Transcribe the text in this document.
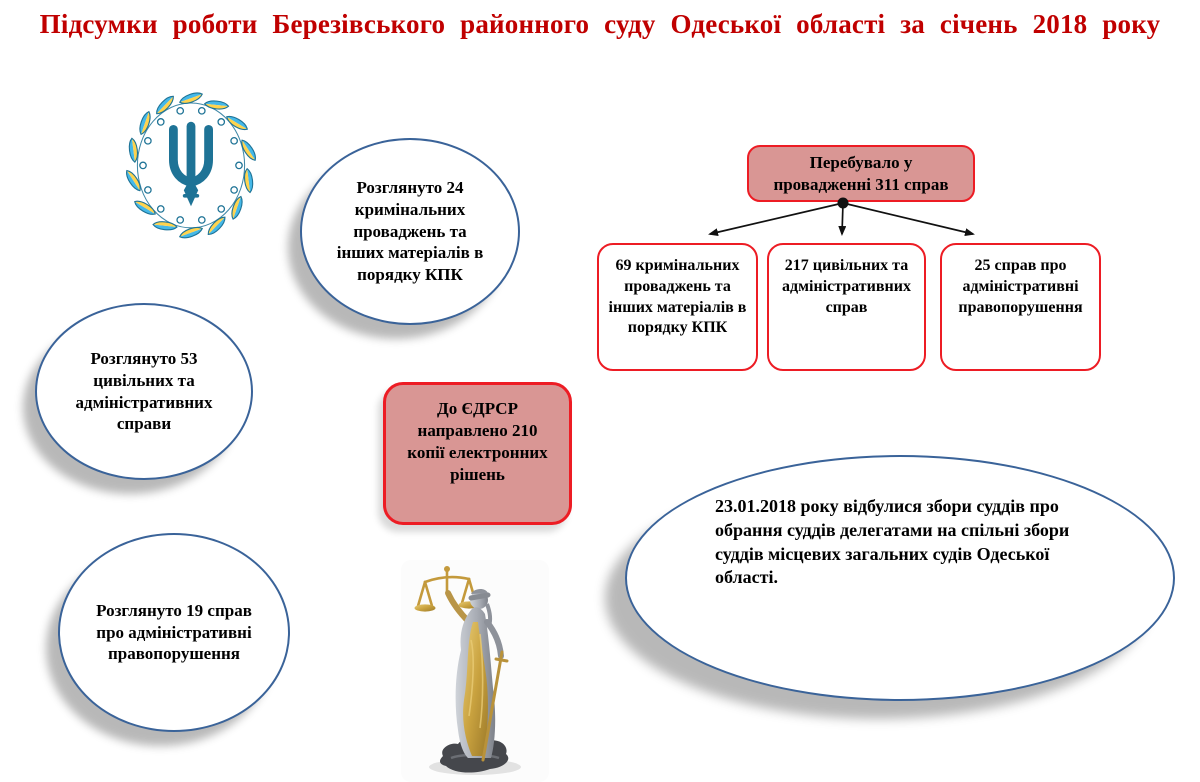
Підсумки роботи Березівського районного суду Одеської області за січень 2018 року
Розглянуто 24 кримінальних проваджень та інших матеріалів в порядку КПК
Розглянуто 53 цивільних та адміністративних справи
Розглянуто 19 справ про адміністративні правопорушення
До ЄДРСР направлено 210 копії електронних рішень
Перебувало у провадженні 311 справ
69 кримінальних проваджень та інших матеріалів в порядку КПК
217 цивільних та адміністративних справ
25 справ про адміністративні правопорушення
23.01.2018 року відбулися збори суддів про обрання суддів делегатами на спільні збори суддів місцевих загальних судів Одеської області.
